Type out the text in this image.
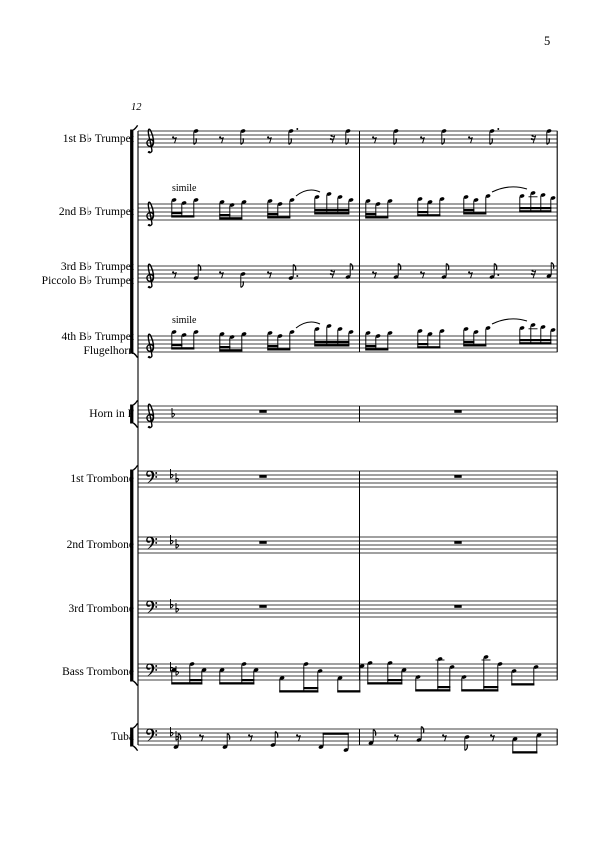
5
12
1st B♭ Trumpet
2nd B♭ Trumpet
3rd B♭ Trumpet
Piccolo B♭ Trumpet
4th B♭ Trumpet
Flugelhorn
Horn in F
1st Trombone
2nd Trombone
3rd Trombone
Bass Trombone
Tuba
simile
simile
